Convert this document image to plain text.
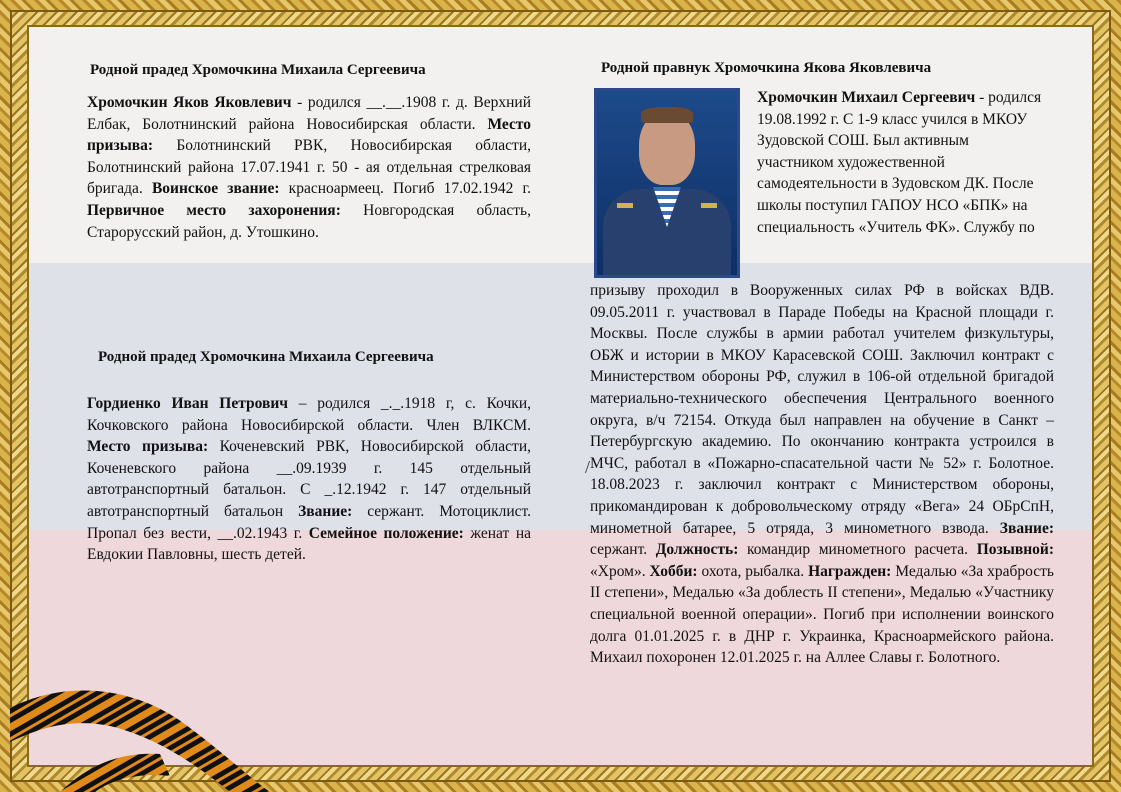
Родной прадед Хромочкина Михаила Сергеевича
Хромочкин Яков Яковлевич - родился __.__.1908 г. д. Верхний Елбак, Болотнинский района Новосибирская области. Место призыва: Болотнинский РВК, Новосибирская области, Болотнинский района 17.07.1941 г. 50 - ая отдельная стрелковая бригада. Воинское звание: красноармеец. Погиб 17.02.1942 г. Первичное место захоронения: Новгородская область, Старорусский район, д. Утошкино.
Родной прадед Хромочкина Михаила Сергеевича
Гордиенко Иван Петрович – родился _._.1918 г, с. Кочки, Кочковского района Новосибирской области. Член ВЛКСМ. Место призыва: Коченевский РВК, Новосибирской области, Коченевского района __.09.1939 г. 145 отдельный автотранспортный батальон. С _.12.1942 г. 147 отдельный автотранспортный батальон Звание: сержант. Мотоциклист. Пропал без вести, __.02.1943 г. Семейное положение: женат на Евдокии Павловны, шесть детей.
/
Родной правнук Хромочкина Якова Яковлевича
Хромочкин Михаил Сергеевич - родился 19.08.1992 г. С 1-9 класс учился в МКОУ Зудовской СОШ. Был активным участником художественной самодеятельности в Зудовском ДК. После школы поступил ГАПОУ НСО «БПК» на специальность «Учитель ФК». Службу по
призыву проходил в Вооруженных силах РФ в войсках ВДВ. 09.05.2011 г. участвовал в Параде Победы на Красной площади г. Москвы. После службы в армии работал учителем физкультуры, ОБЖ и истории в МКОУ Карасевской СОШ. Заключил контракт с Министерством обороны РФ, служил в 106-ой отдельной бригадой материально-технического обеспечения Центрального военного округа, в/ч 72154. Откуда был направлен на обучение в Санкт – Петербургскую академию. По окончанию контракта устроился в МЧС, работал в «Пожарно-спасательной части № 52» г. Болотное. 18.08.2023 г. заключил контракт с Министерством обороны, прикомандирован к добровольческому отряду «Вега» 24 ОБрСпН, минометной батарее, 5 отряда, 3 минометного взвода. Звание: сержант. Должность: командир минометного расчета. Позывной: «Хром». Хобби: охота, рыбалка. Награжден: Медалью «За храбрость II степени», Медалью «За доблесть II степени», Медалью «Участнику специальной военной операции». Погиб при исполнении воинского долга 01.01.2025 г. в ДНР г. Украинка, Красноармейского района. Михаил похоронен 12.01.2025 г. на Аллее Славы г. Болотного.
